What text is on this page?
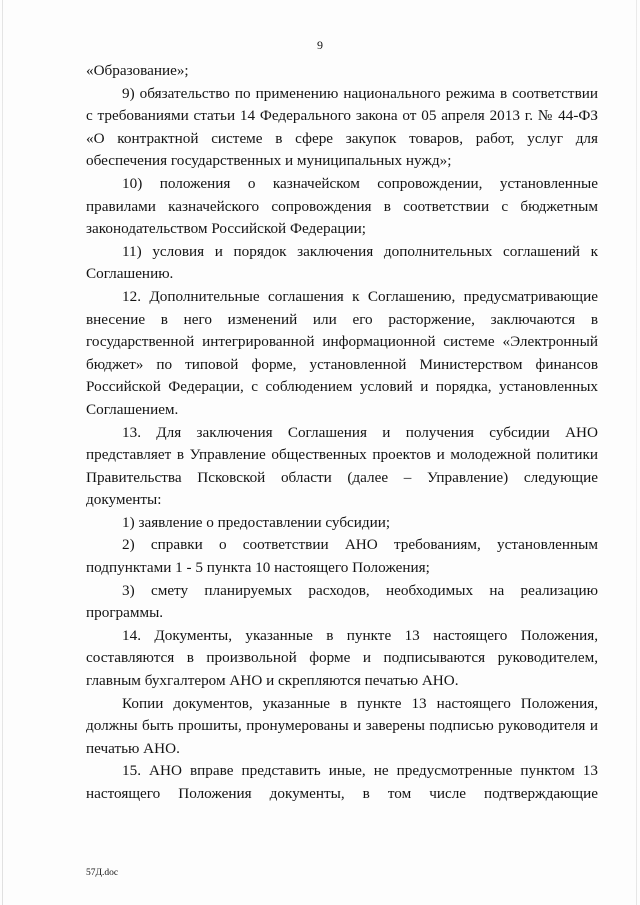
9

«Образование»;

9) обязательство по применению национального режима в соответствии с требованиями статьи 14 Федерального закона от 05 апреля 2013 г. № 44-ФЗ «О контрактной системе в сфере закупок товаров, работ, услуг для обеспечения государственных и муниципальных нужд»;

10) положения о казначейском сопровождении, установленные правилами казначейского сопровождения в соответствии с бюджетным законодательством Российской Федерации;

11) условия и порядок заключения дополнительных соглашений к Соглашению.

12. Дополнительные соглашения к Соглашению, предусматривающие внесение в него изменений или его расторжение, заключаются в государственной интегрированной информационной системе «Электронный бюджет» по типовой форме, установленной Министерством финансов Российской Федерации, с соблюдением условий и порядка, установленных Соглашением.

13. Для заключения Соглашения и получения субсидии АНО представляет в Управление общественных проектов и молодежной политики Правительства Псковской области (далее – Управление) следующие документы:

1) заявление о предоставлении субсидии;

2) справки о соответствии АНО требованиям, установленным подпунктами 1 - 5 пункта 10 настоящего Положения;

3) смету планируемых расходов, необходимых на реализацию программы.

14. Документы, указанные в пункте 13 настоящего Положения, составляются в произвольной форме и подписываются руководителем, главным бухгалтером АНО и скрепляются печатью АНО.

Копии документов, указанные в пункте 13 настоящего Положения, должны быть прошиты, пронумерованы и заверены подписью руководителя и печатью АНО.

15. АНО вправе представить иные, не предусмотренные пунктом 13 настоящего Положения документы, в том числе подтверждающие

57Д.doc
